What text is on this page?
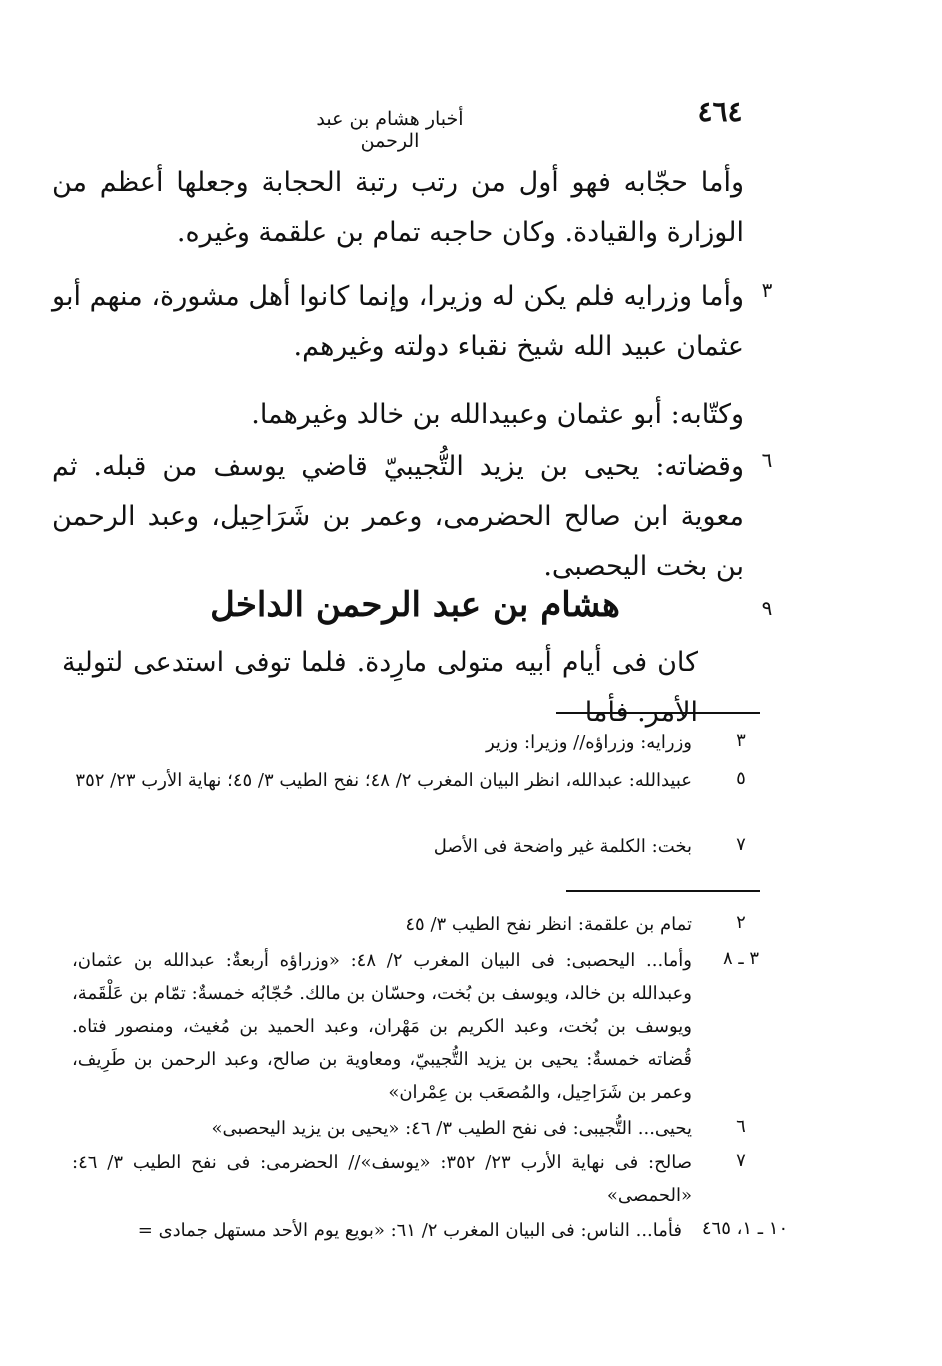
٤٦٤
أخبار هشام بن عبد الرحمن
وأما حجّابه فهو أول من رتب رتبة الحجابة وجعلها أعظم من الوزارة والقيادة. وكان حاجبه تمام بن علقمة وغيره.
٣
وأما وزرايه فلم يكن له وزيرا، وإنما كانوا أهل مشورة، منهم أبو عثمان عبيد الله شيخ نقباء دولته وغيرهم.
وكتّابه: أبو عثمان وعبيدالله بن خالد وغيرهما.
٦
وقضاته: يحيى بن يزيد التُّجيبيّ قاضي يوسف من قبله. ثم معوية ابن صالح الحضرمى، وعمر بن شَرَاحِيل، وعبد الرحمن بن بخت اليحصبى.
٩
هشام بن عبد الرحمن الداخل
كان فى أيام أبيه متولى مارِدة. فلما توفى استدعى لتولية الأمر. فأما
٣
وزرايه: وزراؤه// وزيرا: وزير
٥
عبيدالله: عبدالله، انظر البيان المغرب ٢/ ٤٨؛ نفح الطيب ٣/ ٤٥؛ نهاية الأرب ٢٣/ ٣٥٢
٧
بخت: الكلمة غير واضحة فى الأصل
٢
تمام بن علقمة: انظر نفح الطيب ٣/ ٤٥
٣ ـ ٨
وأما... اليحصبى: فى البيان المغرب ٢/ ٤٨: «وزراؤه أربعةٌ: عبدالله بن عثمان، وعبدالله بن خالد، ويوسف بن بُخت، وحسّان بن مالك. حُجّابُه خمسةٌ: تمّام بن عَلْقَمة، ويوسف بن بُخت، وعبد الكريم بن مَهْران، وعبد الحميد بن مُغيث، ومنصور فتاه. قُضاته خمسةٌ: يحيى بن يزيد التُّجيبيّ، ومعاوية بن صالح، وعبد الرحمن بن طَرِيف، وعمر بن شَرَاحِيل، والمُصعَب بن عِمْران»
٦
يحيى... التُّجيبى: فى نفح الطيب ٣/ ٤٦: «يحيى بن يزيد اليحصبى»
٧
صالح: فى نهاية الأرب ٢٣/ ٣٥٢: «يوسف»// الحضرمى: فى نفح الطيب ٣/ ٤٦: «الحمصى»
١٠ ـ ١، ٤٦٥
فأما... الناس: فى البيان المغرب ٢/ ٦١: «بويع يوم الأحد مستهل جمادى =
